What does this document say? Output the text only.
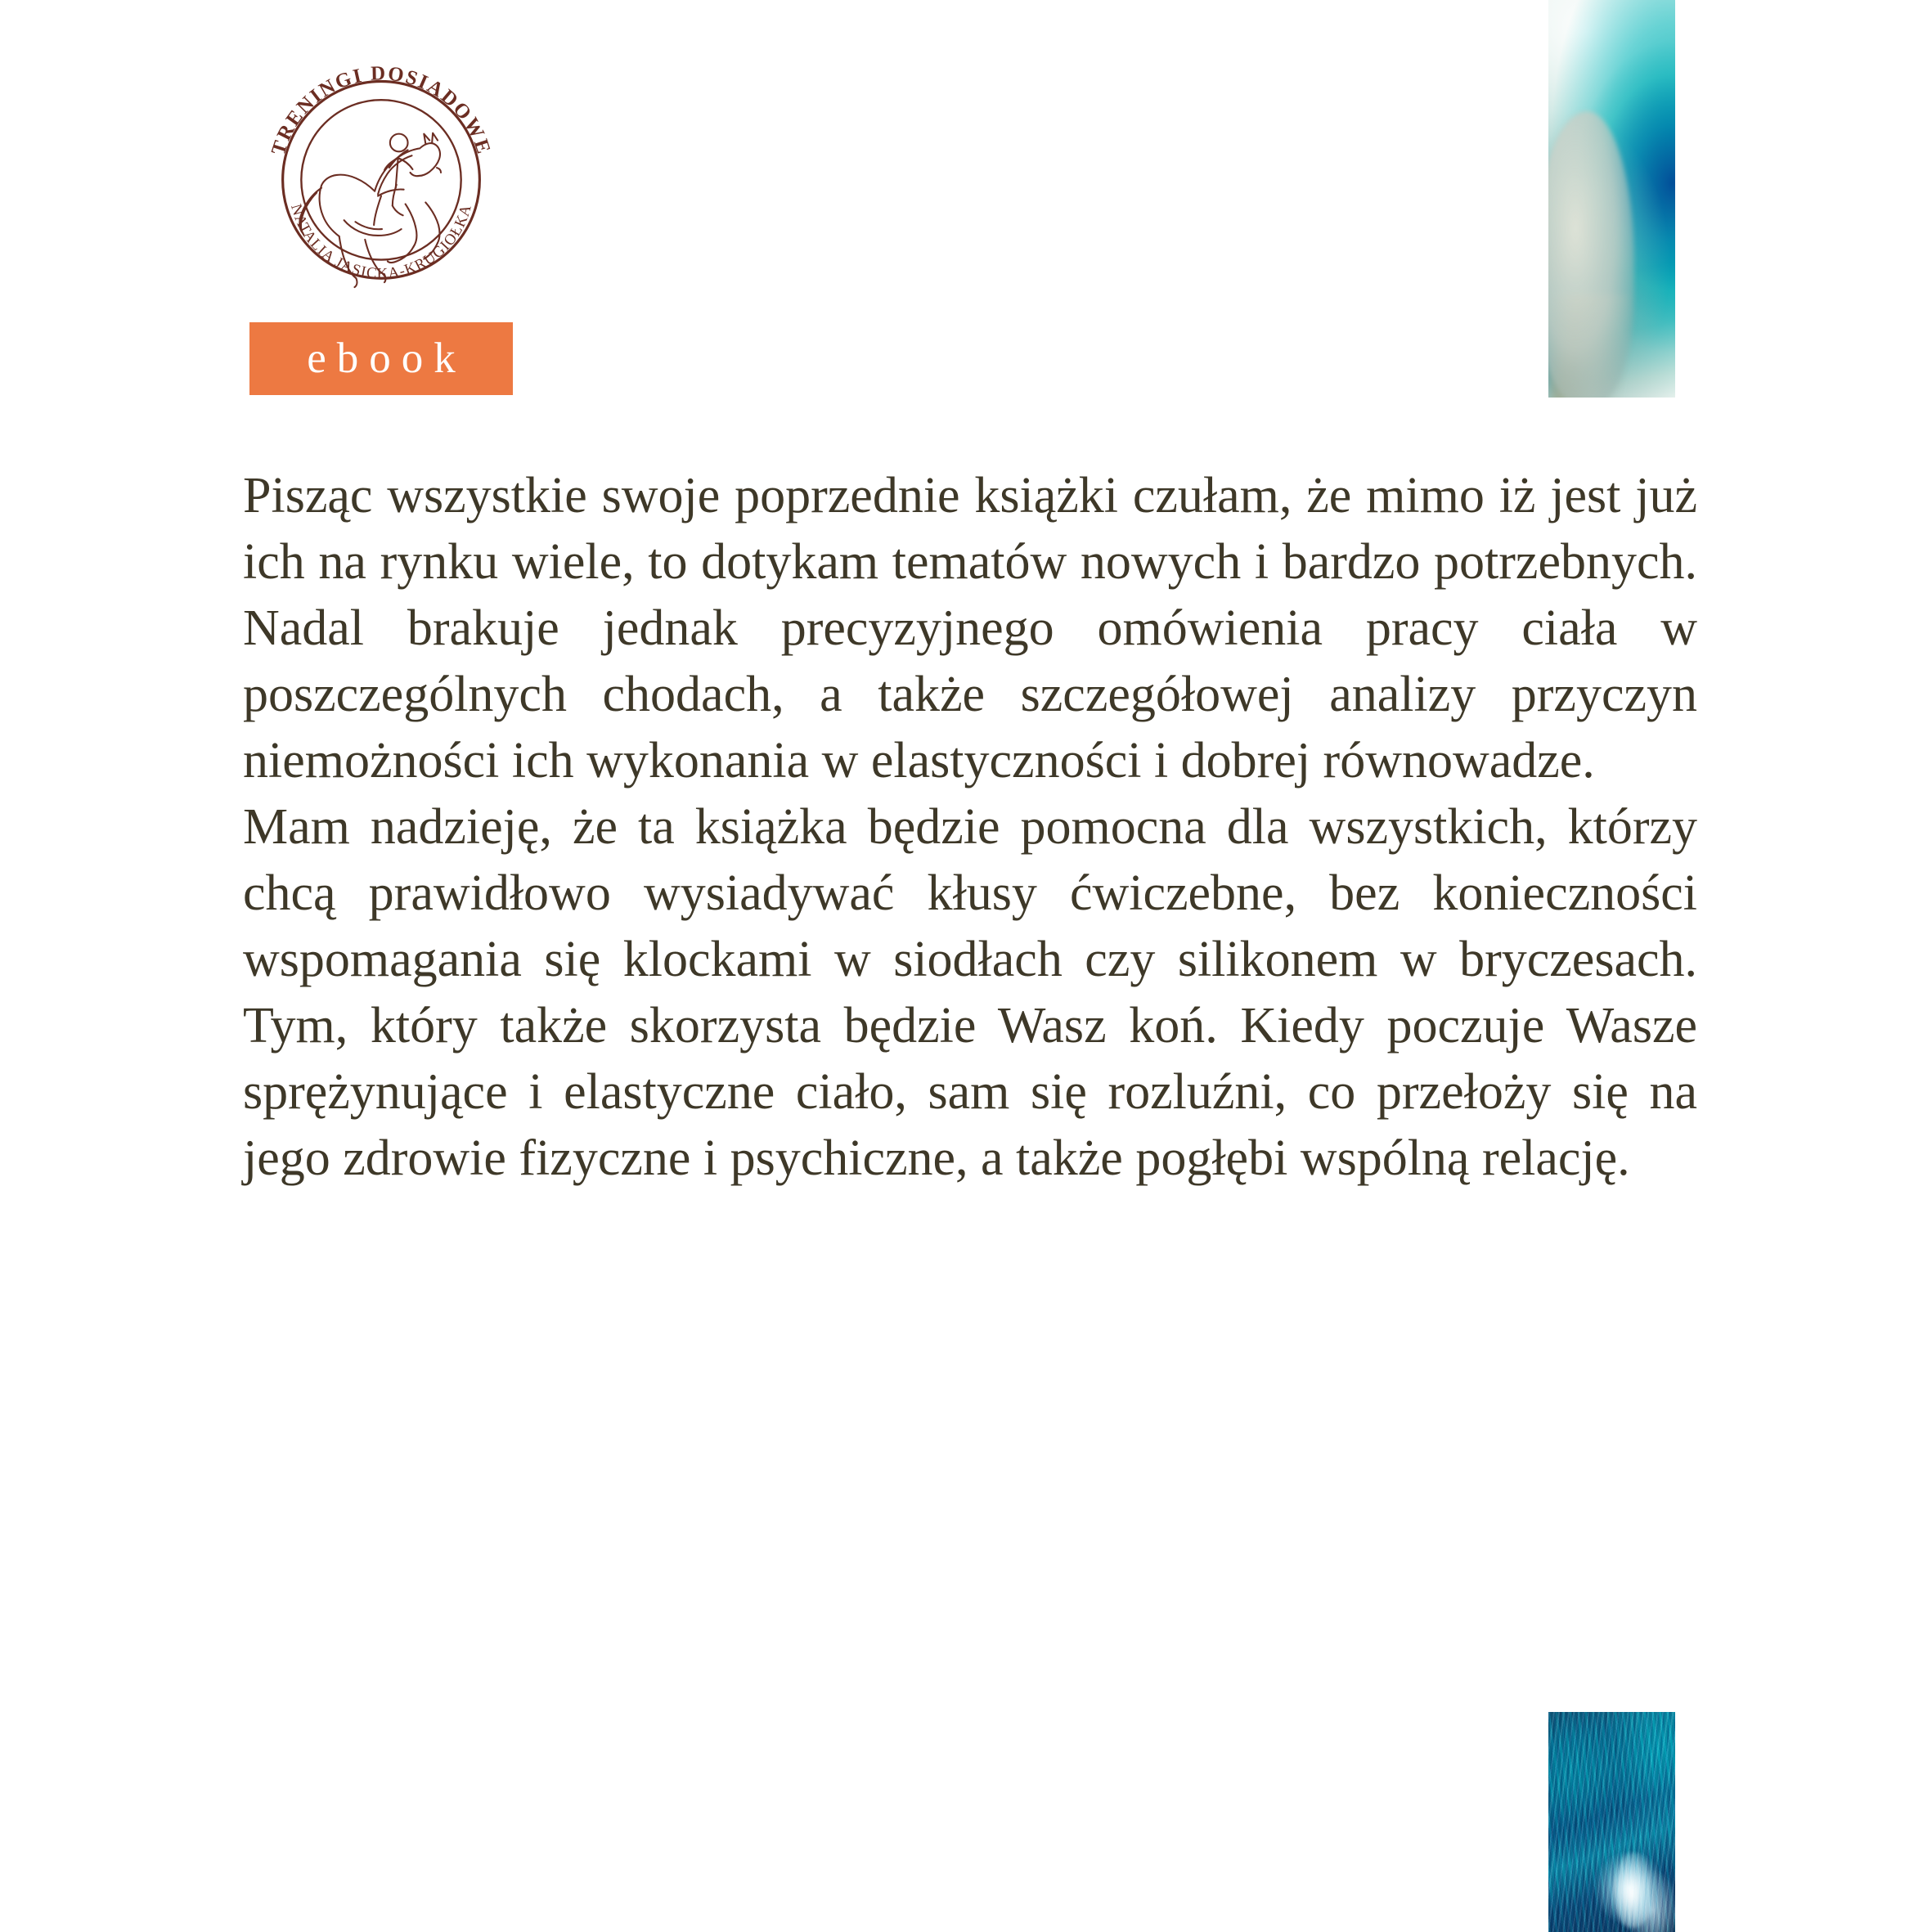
TRENINGI DOSIADOWE
NATALIA JASICKA-KRUGIOŁKA
ebook

Pisząc wszystkie swoje poprzednie książki czułam, że mimo iż jest już ich na rynku wiele, to dotykam tematów nowych i bardzo potrzebnych. Nadal brakuje jednak precyzyjnego omówienia pracy ciała w poszczególnych chodach, a także szczegółowej analizy przyczyn niemożności ich wykonania w elastyczności i dobrej równowadze.

Mam nadzieję, że ta książka będzie pomocna dla wszystkich, którzy chcą prawidłowo wysiadywać kłusy ćwiczebne, bez konieczności wspomagania się klockami w siodłach czy silikonem w bryczesach. Tym, który także skorzysta będzie Wasz koń. Kiedy poczuje Wasze sprężynujące i elastyczne ciało, sam się rozluźni, co przełoży się na jego zdrowie fizyczne i psychiczne, a także pogłębi wspólną relację.
